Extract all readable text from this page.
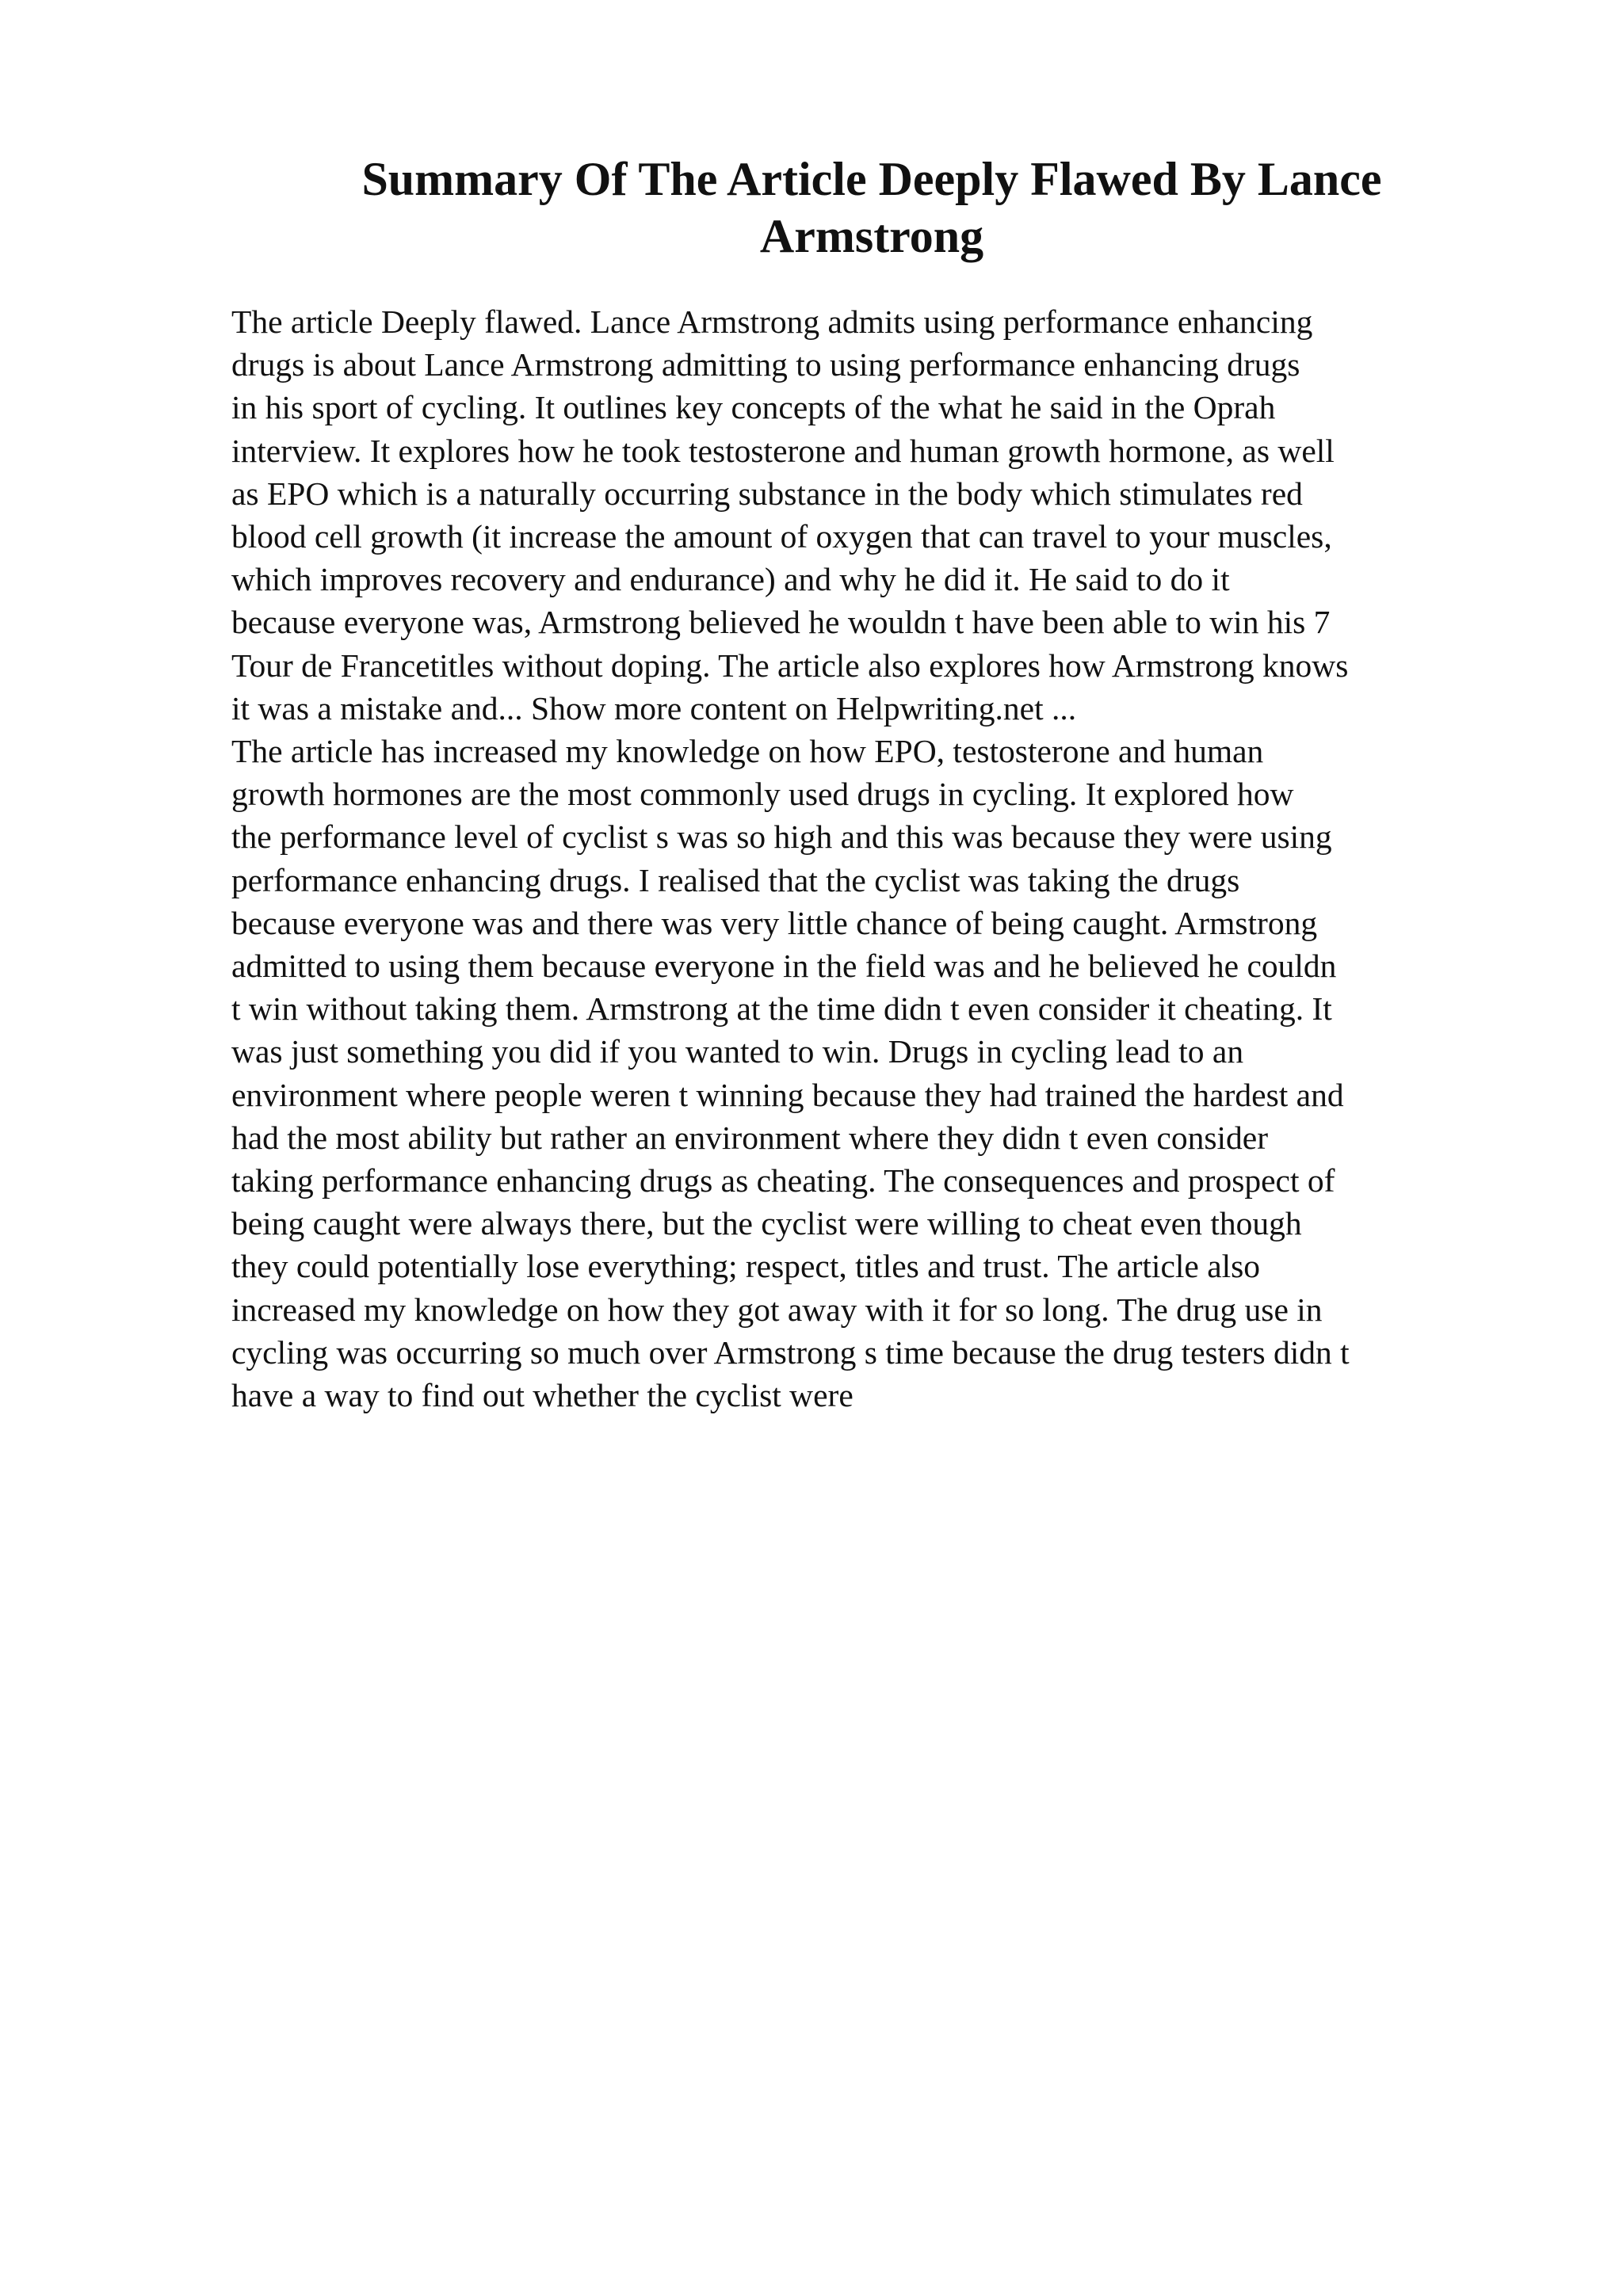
Summary Of The Article Deeply Flawed By Lance Armstrong
The article Deeply flawed. Lance Armstrong admits using performance enhancing
drugs is about Lance Armstrong admitting to using performance enhancing drugs
in his sport of cycling. It outlines key concepts of the what he said in the Oprah
interview. It explores how he took testosterone and human growth hormone, as well
as EPO which is a naturally occurring substance in the body which stimulates red
blood cell growth (it increase the amount of oxygen that can travel to your muscles,
which improves recovery and endurance) and why he did it. He said to do it
because everyone was, Armstrong believed he wouldn t have been able to win his 7
Tour de Francetitles without doping. The article also explores how Armstrong knows
it was a mistake and... Show more content on Helpwriting.net ...
The article has increased my knowledge on how EPO, testosterone and human
growth hormones are the most commonly used drugs in cycling. It explored how
the performance level of cyclist s was so high and this was because they were using
performance enhancing drugs. I realised that the cyclist was taking the drugs
because everyone was and there was very little chance of being caught. Armstrong
admitted to using them because everyone in the field was and he believed he couldn
t win without taking them. Armstrong at the time didn t even consider it cheating. It
was just something you did if you wanted to win. Drugs in cycling lead to an
environment where people weren t winning because they had trained the hardest and
had the most ability but rather an environment where they didn t even consider
taking performance enhancing drugs as cheating. The consequences and prospect of
being caught were always there, but the cyclist were willing to cheat even though
they could potentially lose everything; respect, titles and trust. The article also
increased my knowledge on how they got away with it for so long. The drug use in
cycling was occurring so much over Armstrong s time because the drug testers didn t
have a way to find out whether the cyclist were
